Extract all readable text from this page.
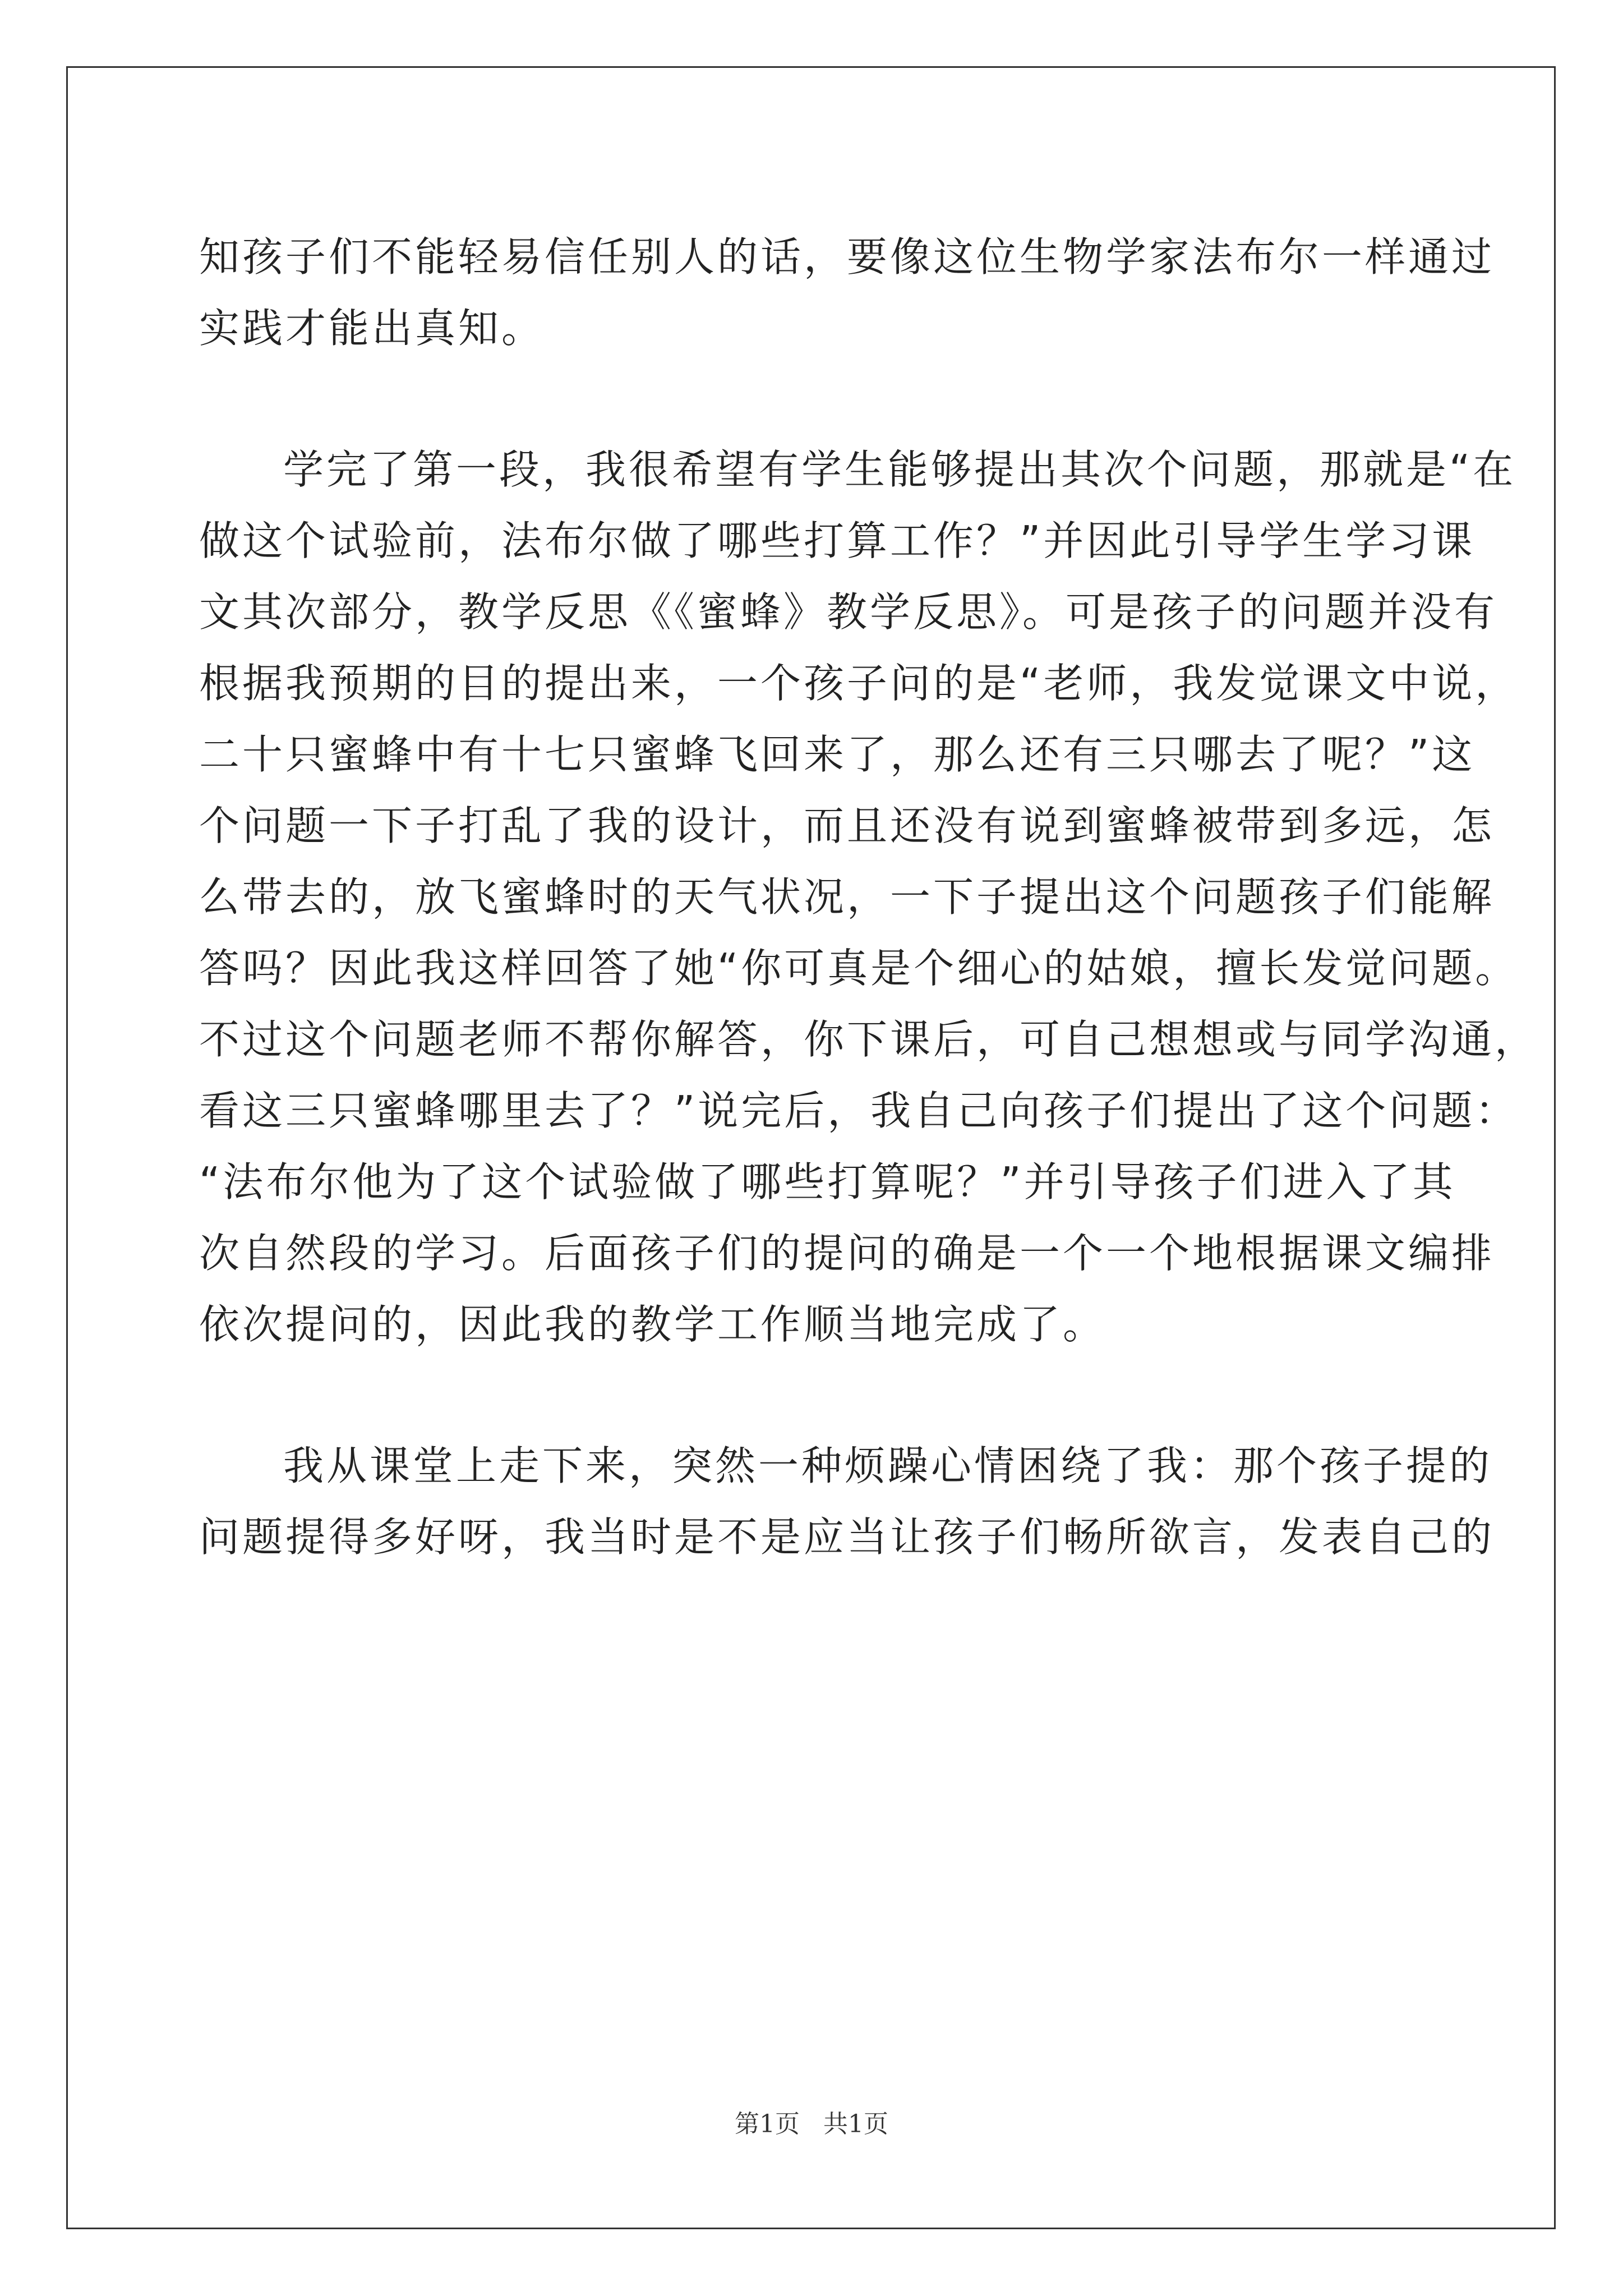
知孩子们不能轻易信任别人的话，要像这位生物学家法布尔一样通过
实践才能出真知。
学完了第一段，我很希望有学生能够提出其次个问题，那就是“在
做这个试验前，法布尔做了哪些打算工作？”并因此引导学生学习课
文其次部分，教学反思《《蜜蜂》教学反思》。可是孩子的问题并没有
根据我预期的目的提出来，一个孩子问的是“老师，我发觉课文中说，
二十只蜜蜂中有十七只蜜蜂飞回来了，那么还有三只哪去了呢？”这
个问题一下子打乱了我的设计，而且还没有说到蜜蜂被带到多远，怎
么带去的，放飞蜜蜂时的天气状况，一下子提出这个问题孩子们能解
答吗？因此我这样回答了她“你可真是个细心的姑娘，擅长发觉问题。
不过这个问题老师不帮你解答，你下课后，可自己想想或与同学沟通，
看这三只蜜蜂哪里去了？”说完后，我自己向孩子们提出了这个问题：
“法布尔他为了这个试验做了哪些打算呢？”并引导孩子们进入了其
次自然段的学习。后面孩子们的提问的确是一个一个地根据课文编排
依次提问的，因此我的教学工作顺当地完成了。
我从课堂上走下来，突然一种烦躁心情困绕了我：那个孩子提的
问题提得多好呀，我当时是不是应当让孩子们畅所欲言，发表自己的
第1页   共1页
